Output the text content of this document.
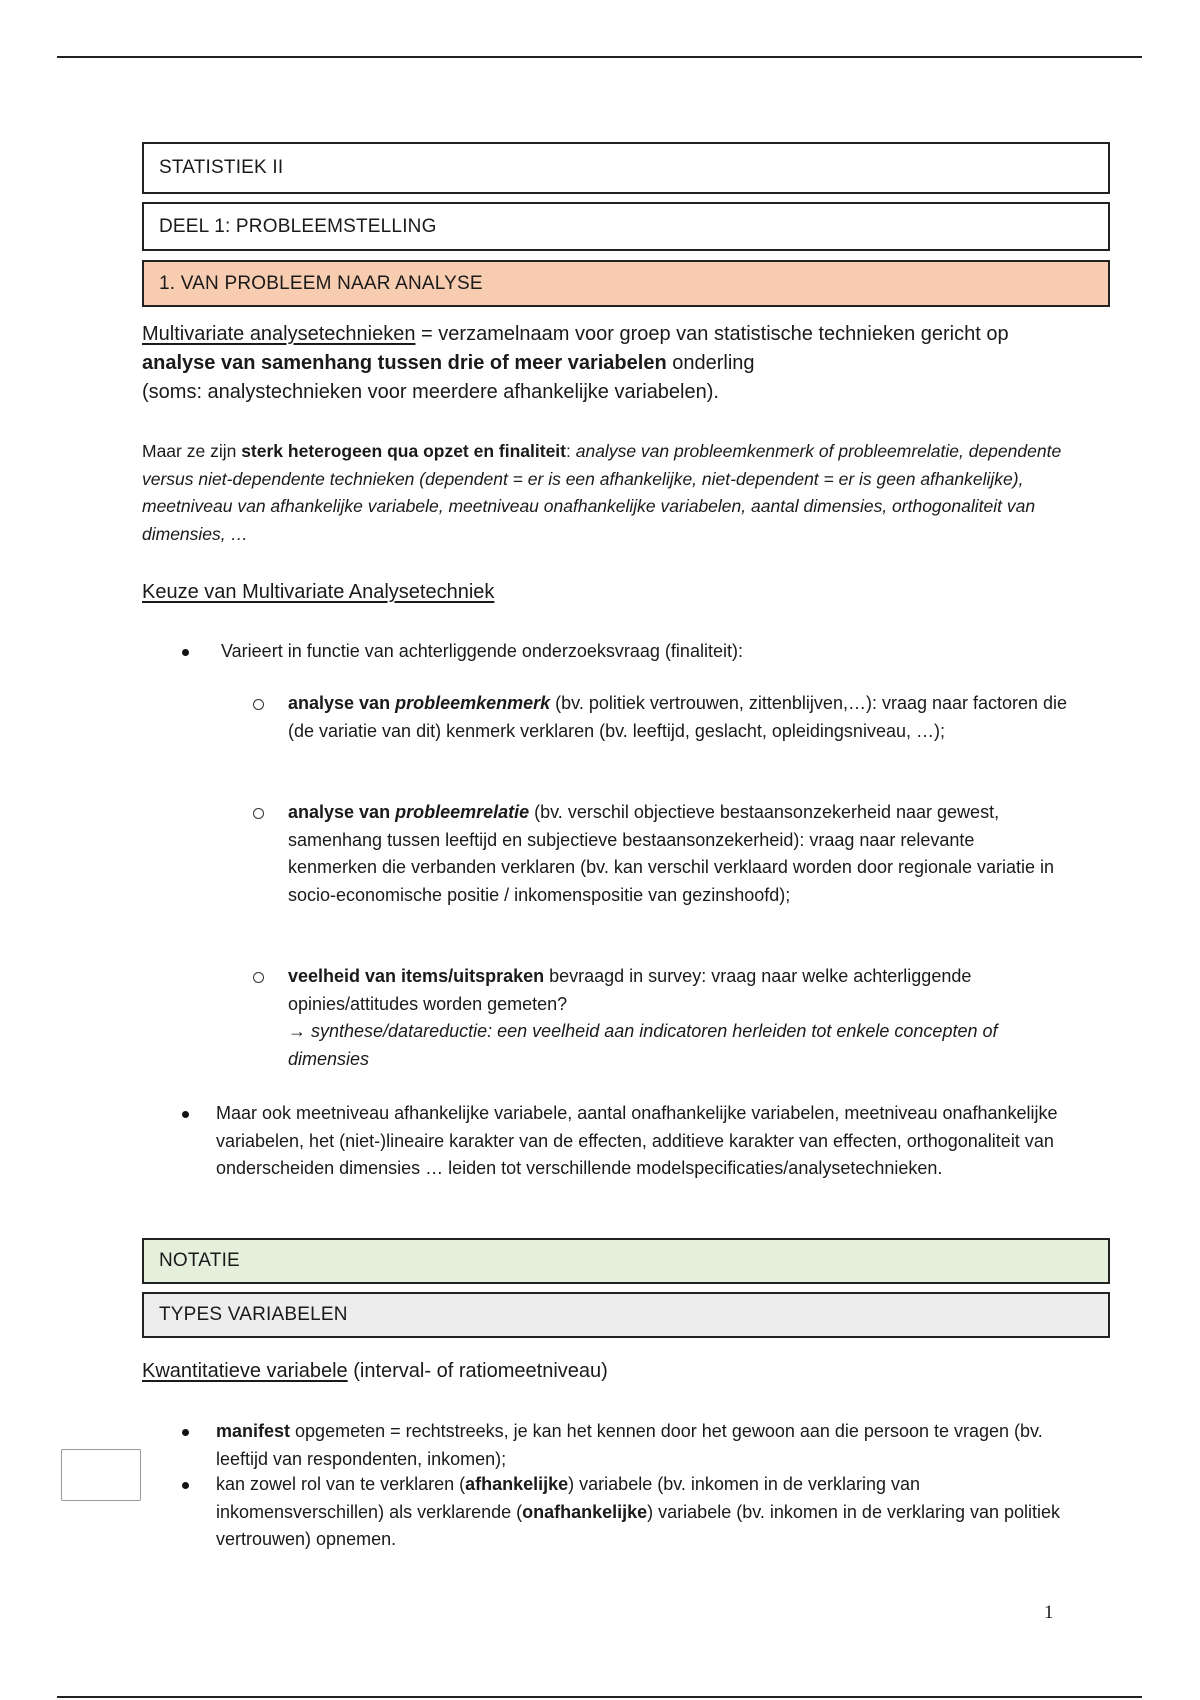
STATISTIEK II
DEEL 1: PROBLEEMSTELLING
1. VAN PROBLEEM NAAR ANALYSE
Multivariate analysetechnieken = verzamelnaam voor groep van statistische technieken gericht op analyse van samenhang tussen drie of meer variabelen onderling
(soms: analystechnieken voor meerdere afhankelijke variabelen).
Maar ze zijn sterk heterogeen qua opzet en finaliteit: analyse van probleemkenmerk of probleemrelatie, dependente versus niet-dependente technieken (dependent = er is een afhankelijke, niet-dependent = er is geen afhankelijke), meetniveau van afhankelijke variabele, meetniveau onafhankelijke variabelen, aantal dimensies, orthogonaliteit van dimensies, …
Keuze van Multivariate Analysetechniek
Varieert in functie van achterliggende onderzoeksvraag (finaliteit):
analyse van probleemkenmerk (bv. politiek vertrouwen, zittenblijven,…): vraag naar factoren die (de variatie van dit) kenmerk verklaren (bv. leeftijd, geslacht, opleidingsniveau, …);
analyse van probleemrelatie (bv. verschil objectieve bestaansonzekerheid naar gewest, samenhang tussen leeftijd en subjectieve bestaansonzekerheid): vraag naar relevante kenmerken die verbanden verklaren (bv. kan verschil verklaard worden door regionale variatie in socio-economische positie / inkomenspositie van gezinshoofd);
veelheid van items/uitspraken bevraagd in survey: vraag naar welke achterliggende opinies/attitudes worden gemeten?
→ synthese/datareductie: een veelheid aan indicatoren herleiden tot enkele concepten of dimensies
Maar ook meetniveau afhankelijke variabele, aantal onafhankelijke variabelen, meetniveau onafhankelijke variabelen, het (niet-)lineaire karakter van de effecten, additieve karakter van effecten, orthogonaliteit van onderscheiden dimensies … leiden tot verschillende modelspecificaties/analysetechnieken.
NOTATIE
TYPES VARIABELEN
Kwantitatieve variabele (interval- of ratiomeetniveau)
manifest opgemeten = rechtstreeks, je kan het kennen door het gewoon aan die persoon te vragen (bv. leeftijd van respondenten, inkomen);
kan zowel rol van te verklaren (afhankelijke) variabele (bv. inkomen in de verklaring van inkomensverschillen) als verklarende (onafhankelijke) variabele (bv. inkomen in de verklaring van politiek vertrouwen) opnemen.
1
